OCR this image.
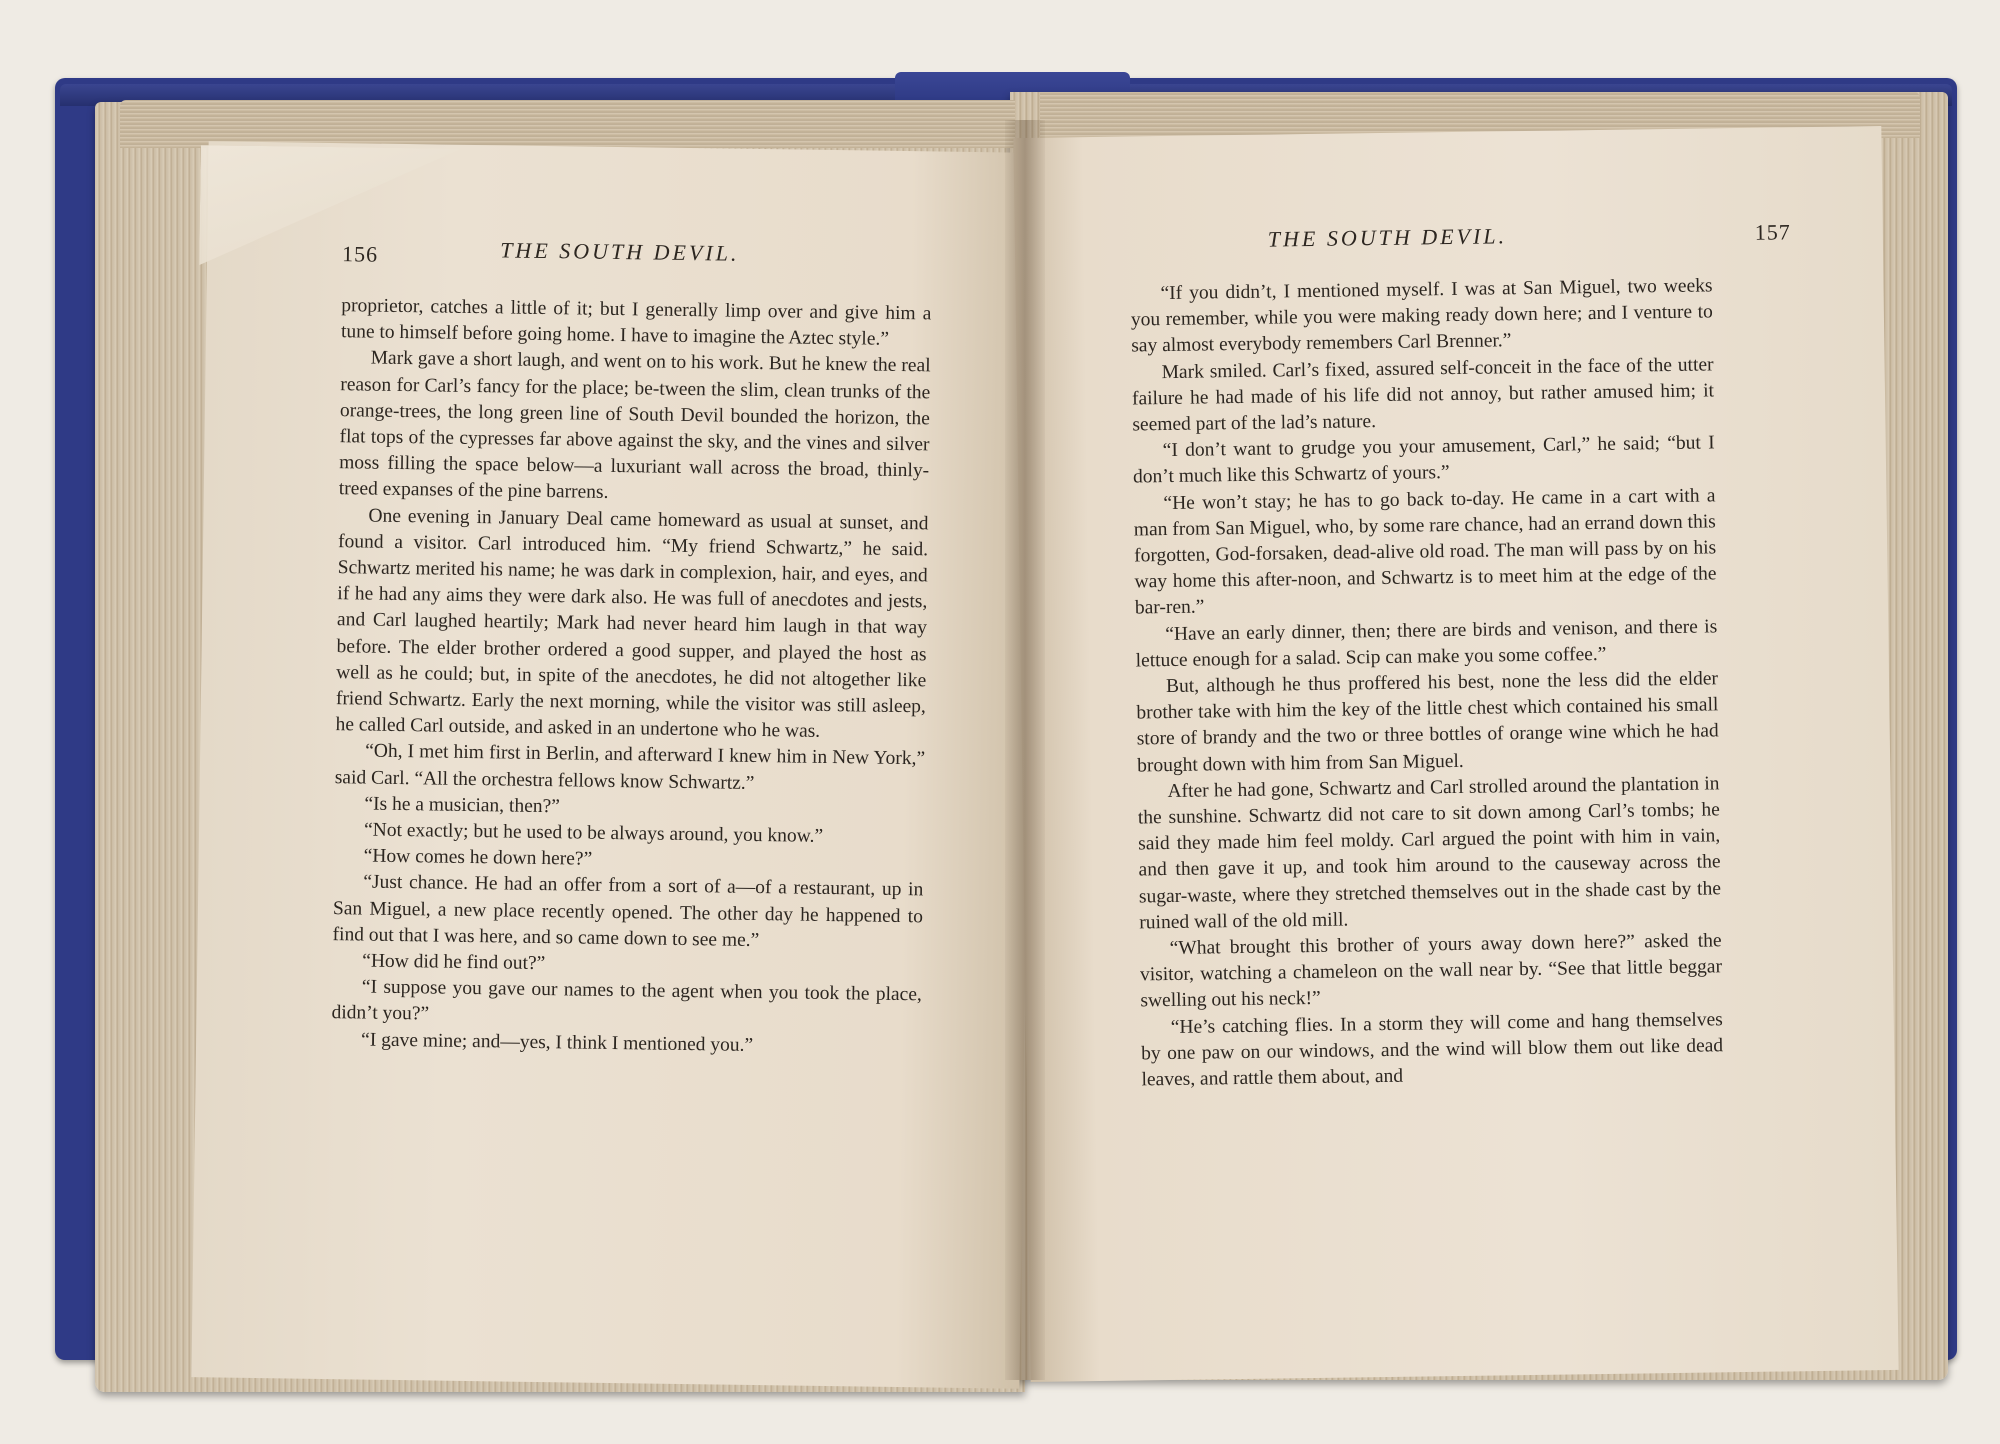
156	THE SOUTH DEVIL.

proprietor, catches a little of it; but I generally limp over and give him a tune to himself before going home. I have to imagine the Aztec style.”

Mark gave a short laugh, and went on to his work. But he knew the real reason for Carl’s fancy for the place; be-tween the slim, clean trunks of the orange-trees, the long green line of South Devil bounded the horizon, the flat tops of the cypresses far above against the sky, and the vines and silver moss filling the space below—a luxuriant wall across the broad, thinly-treed expanses of the pine barrens.

One evening in January Deal came homeward as usual at sunset, and found a visitor. Carl introduced him. “My friend Schwartz,” he said. Schwartz merited his name; he was dark in complexion, hair, and eyes, and if he had any aims they were dark also. He was full of anecdotes and jests, and Carl laughed heartily; Mark had never heard him laugh in that way before. The elder brother ordered a good supper, and played the host as well as he could; but, in spite of the anecdotes, he did not altogether like friend Schwartz. Early the next morning, while the visitor was still asleep, he called Carl outside, and asked in an undertone who he was.

“Oh, I met him first in Berlin, and afterward I knew him in New York,” said Carl. “All the orchestra fellows know Schwartz.”

“Is he a musician, then?”

“Not exactly; but he used to be always around, you know.”

“How comes he down here?”

“Just chance. He had an offer from a sort of a—of a restaurant, up in San Miguel, a new place recently opened. The other day he happened to find out that I was here, and so came down to see me.”

“How did he find out?”

“I suppose you gave our names to the agent when you took the place, didn’t you?”

“I gave mine; and—yes, I think I mentioned you.”

THE SOUTH DEVIL.	157

“If you didn’t, I mentioned myself. I was at San Miguel, two weeks you remember, while you were making ready down here; and I venture to say almost everybody remembers Carl Brenner.”

Mark smiled. Carl’s fixed, assured self-conceit in the face of the utter failure he had made of his life did not annoy, but rather amused him; it seemed part of the lad’s nature.

“I don’t want to grudge you your amusement, Carl,” he said; “but I don’t much like this Schwartz of yours.”

“He won’t stay; he has to go back to-day. He came in a cart with a man from San Miguel, who, by some rare chance, had an errand down this forgotten, God-forsaken, dead-alive old road. The man will pass by on his way home this after-noon, and Schwartz is to meet him at the edge of the bar-ren.”

“Have an early dinner, then; there are birds and venison, and there is lettuce enough for a salad. Scip can make you some coffee.”

But, although he thus proffered his best, none the less did the elder brother take with him the key of the little chest which contained his small store of brandy and the two or three bottles of orange wine which he had brought down with him from San Miguel.

After he had gone, Schwartz and Carl strolled around the plantation in the sunshine. Schwartz did not care to sit down among Carl’s tombs; he said they made him feel moldy. Carl argued the point with him in vain, and then gave it up, and took him around to the causeway across the sugar-waste, where they stretched themselves out in the shade cast by the ruined wall of the old mill.

“What brought this brother of yours away down here?” asked the visitor, watching a chameleon on the wall near by. “See that little beggar swelling out his neck!”

“He’s catching flies. In a storm they will come and hang themselves by one paw on our windows, and the wind will blow them out like dead leaves, and rattle them about, and
